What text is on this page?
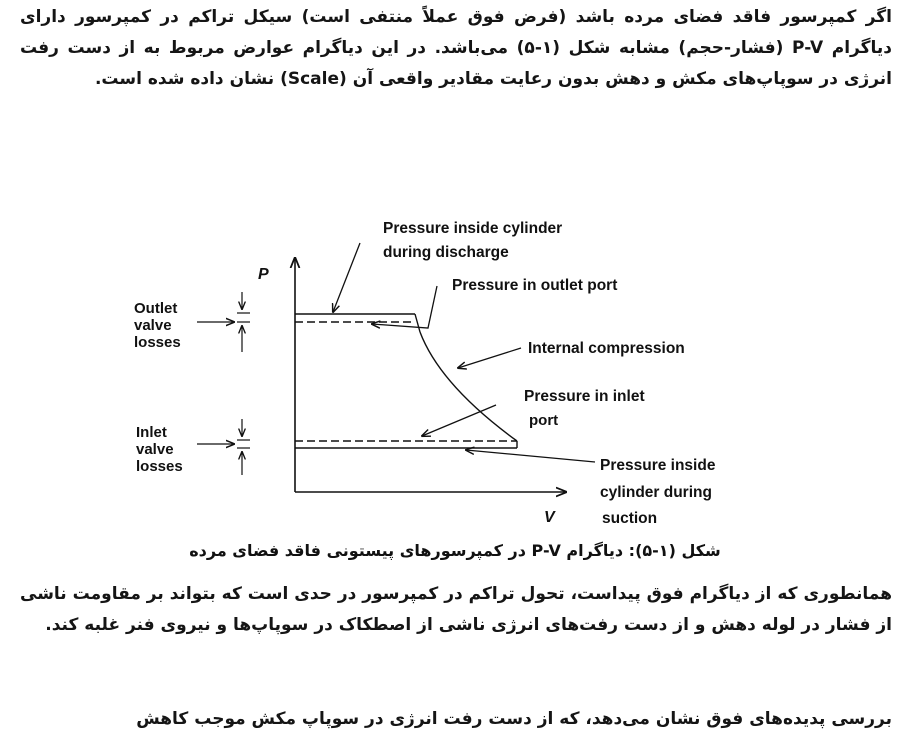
اگر کمپرسور فاقد فضای مرده باشد (فرض فوق عملاً منتفی است) سیکل تراکم در کمپرسور دارای دیاگرام P-V (فشار-حجم) مشابه شکل (۱-۵) می‌باشد. در این دیاگرام عوارض مربوط به از دست رفت انرژی در سوپاپ‌های مکش و دهش بدون رعایت مقادیر واقعی آن (Scale) نشان داده شده است.
P
V
Pressure inside cylinder
during discharge
Pressure in outlet port
Internal compression
Pressure in inlet
port
Pressure inside
cylinder during
suction
Outlet
valve
losses
Inlet
valve
losses
شکل (۱-۵): دیاگرام P-V در کمپرسورهای پیستونی فاقد فضای مرده
همانطوری که از دیاگرام فوق پیداست، تحول تراکم در کمپرسور در حدی است که بتواند بر مقاومت ناشی از فشار در لوله دهش و از دست رفت‌های انرژی ناشی از اصطکاک در سوپاپ‌ها و نیروی فنر غلبه کند.
بررسی پدیده‌های فوق نشان می‌دهد، که از دست رفت انرژی در سوپاپ مکش موجب کاهش
